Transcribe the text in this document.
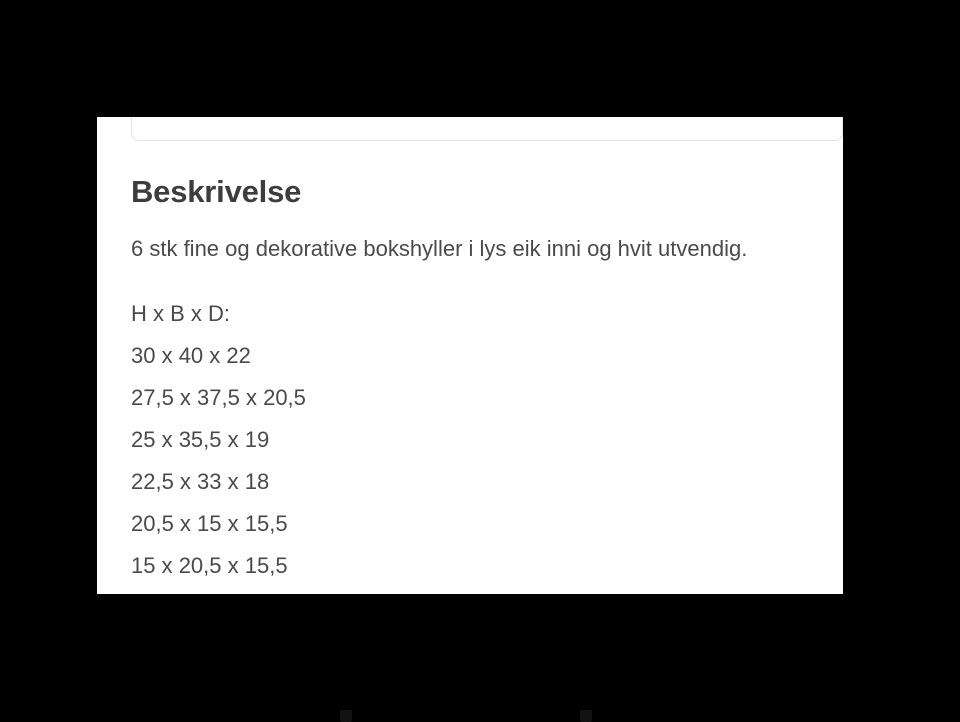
Beskrivelse

6 stk fine og dekorative bokshyller i lys eik inni og hvit utvendig.

H x B x D:

30 x 40 x 22

27,5 x 37,5 x 20,5

25 x 35,5 x 19

22,5 x 33 x 18

20,5 x 15 x 15,5

15 x 20,5 x 15,5
